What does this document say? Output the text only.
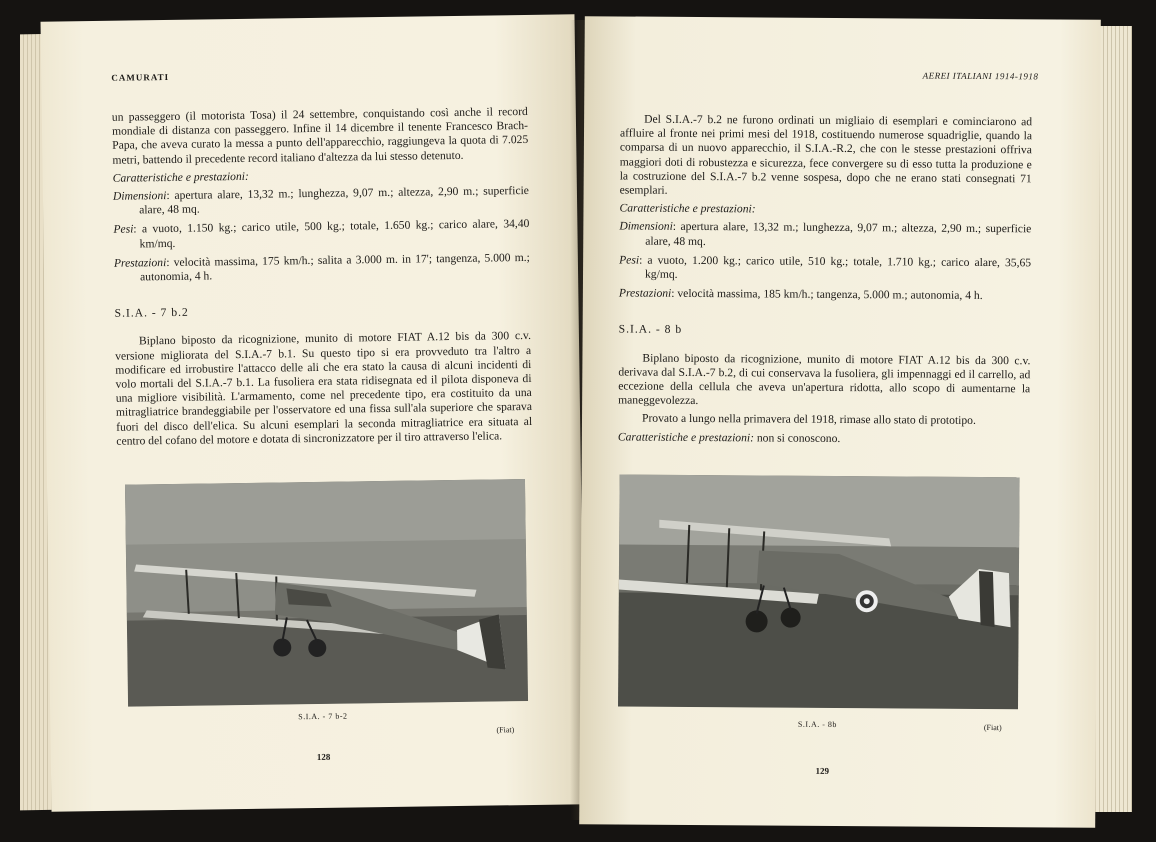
CAMURATI

un passeggero (il motorista Tosa) il 24 settembre, conquistando così anche il record mondiale di distanza con passeggero. Infine il 14 dicembre il tenente Francesco Brach-Papa, che aveva curato la messa a punto dell'apparecchio, raggiungeva la quota di 7.025 metri, battendo il precedente record italiano d'altezza da lui stesso detenuto.

Caratteristiche e prestazioni:

Dimensioni: apertura alare, 13,32 m.; lunghezza, 9,07 m.; altezza, 2,90 m.; superficie alare, 48 mq.

Pesi: a vuoto, 1.150 kg.; carico utile, 500 kg.; totale, 1.650 kg.; carico alare, 34,40 km/mq.

Prestazioni: velocità massima, 175 km/h.; salita a 3.000 m. in 17'; tangenza, 5.000 m.; autonomia, 4 h.

S.I.A. - 7 b.2

Biplano biposto da ricognizione, munito di motore FIAT A.12 bis da 300 c.v. versione migliorata del S.I.A.-7 b.1. Su questo tipo si era provveduto tra l'altro a modificare ed irrobustire l'attacco delle ali che era stato la causa di alcuni incidenti di volo mortali del S.I.A.-7 b.1. La fusoliera era stata ridisegnata ed il pilota disponeva di una migliore visibilità. L'armamento, come nel precedente tipo, era costituito da una mitragliatrice brandeggiabile per l'osservatore ed una fissa sull'ala superiore che sparava fuori del disco dell'elica. Su alcuni esemplari la seconda mitragliatrice era situata al centro del cofano del motore e dotata di sincronizzatore per il tiro attraverso l'elica.

S.I.A. - 7 b-2
(Fiat)
128
AEREI ITALIANI 1914-1918

Del S.I.A.-7 b.2 ne furono ordinati un migliaio di esemplari e cominciarono ad affluire al fronte nei primi mesi del 1918, costituendo numerose squadriglie, quando la comparsa di un nuovo apparecchio, il S.I.A.-R.2, che con le stesse prestazioni offriva maggiori doti di robustezza e sicurezza, fece convergere su di esso tutta la produzione e la costruzione del S.I.A.-7 b.2 venne sospesa, dopo che ne erano stati consegnati 71 esemplari.

Caratteristiche e prestazioni:

Dimensioni: apertura alare, 13,32 m.; lunghezza, 9,07 m.; altezza, 2,90 m.; superficie alare, 48 mq.

Pesi: a vuoto, 1.200 kg.; carico utile, 510 kg.; totale, 1.710 kg.; carico alare, 35,65 kg/mq.

Prestazioni: velocità massima, 185 km/h.; tangenza, 5.000 m.; autonomia, 4 h.

S.I.A. - 8 b

Biplano biposto da ricognizione, munito di motore FIAT A.12 bis da 300 c.v. derivava dal S.I.A.-7 b.2, di cui conservava la fusoliera, gli impennaggi ed il carrello, ad eccezione della cellula che aveva un'apertura ridotta, allo scopo di aumentarne la maneggevolezza.

Provato a lungo nella primavera del 1918, rimase allo stato di prototipo.

Caratteristiche e prestazioni: non si conoscono.

S.I.A. - 8b	(Fiat)
129
